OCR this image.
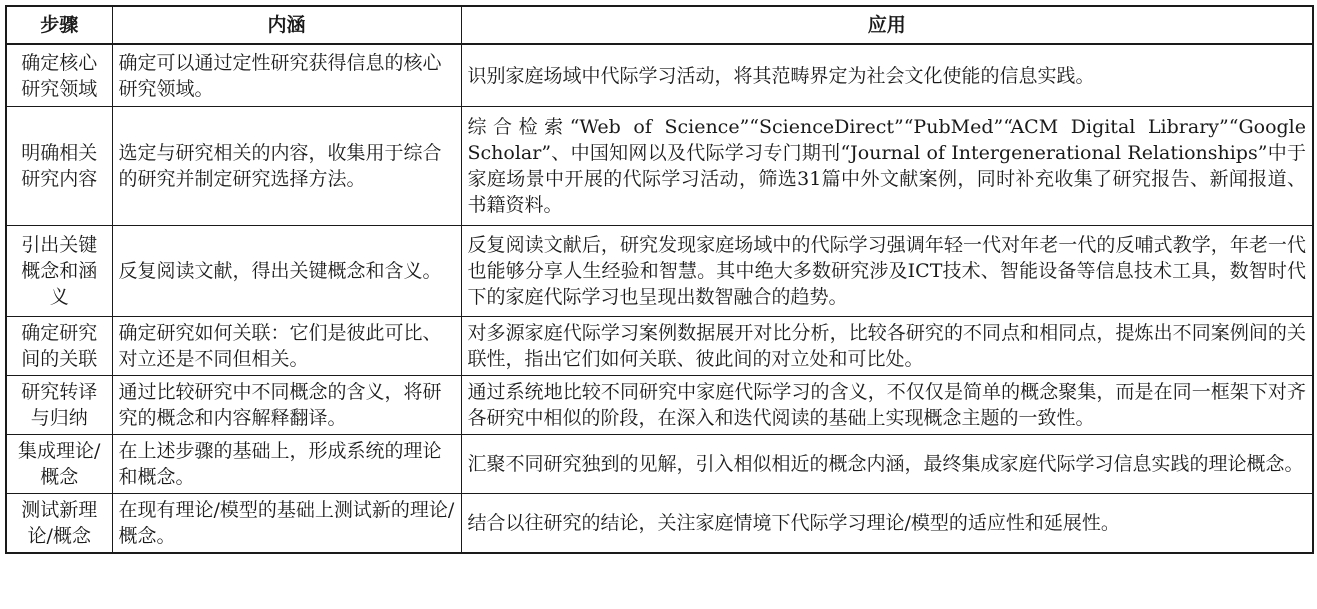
步骤	内涵	应用
确定核心研究领域	确定可以通过定性研究获得信息的核心研究领域。	识别家庭场域中代际学习活动，将其范畴界定为社会文化使能的信息实践。
明确相关研究内容	选定与研究相关的内容，收集用于综合的研究并制定研究选择方法。	综合检索“Web of Science”“ScienceDirect”“PubMed”“ACM Digital Library”“Google Scholar”、中国知网以及代际学习专门期刊“Journal of Intergenerational Relationships”中于家庭场景中开展的代际学习活动，筛选31篇中外文献案例，同时补充收集了研究报告、新闻报道、书籍资料。
引出关键概念和涵义	反复阅读文献，得出关键概念和含义。	反复阅读文献后，研究发现家庭场域中的代际学习强调年轻一代对年老一代的反哺式教学，年老一代也能够分享人生经验和智慧。其中绝大多数研究涉及ICT技术、智能设备等信息技术工具，数智时代下的家庭代际学习也呈现出数智融合的趋势。
确定研究间的关联	确定研究如何关联：它们是彼此可比、对立还是不同但相关。	对多源家庭代际学习案例数据展开对比分析，比较各研究的不同点和相同点，提炼出不同案例间的关联性，指出它们如何关联、彼此间的对立处和可比处。
研究转译与归纳	通过比较研究中不同概念的含义，将研究的概念和内容解释翻译。	通过系统地比较不同研究中家庭代际学习的含义，不仅仅是简单的概念聚集，而是在同一框架下对齐各研究中相似的阶段，在深入和迭代阅读的基础上实现概念主题的一致性。
集成理论/概念	在上述步骤的基础上，形成系统的理论和概念。	汇聚不同研究独到的见解，引入相似相近的概念内涵，最终集成家庭代际学习信息实践的理论概念。
测试新理论/概念	在现有理论/模型的基础上测试新的理论/概念。	结合以往研究的结论，关注家庭情境下代际学习理论/模型的适应性和延展性。
